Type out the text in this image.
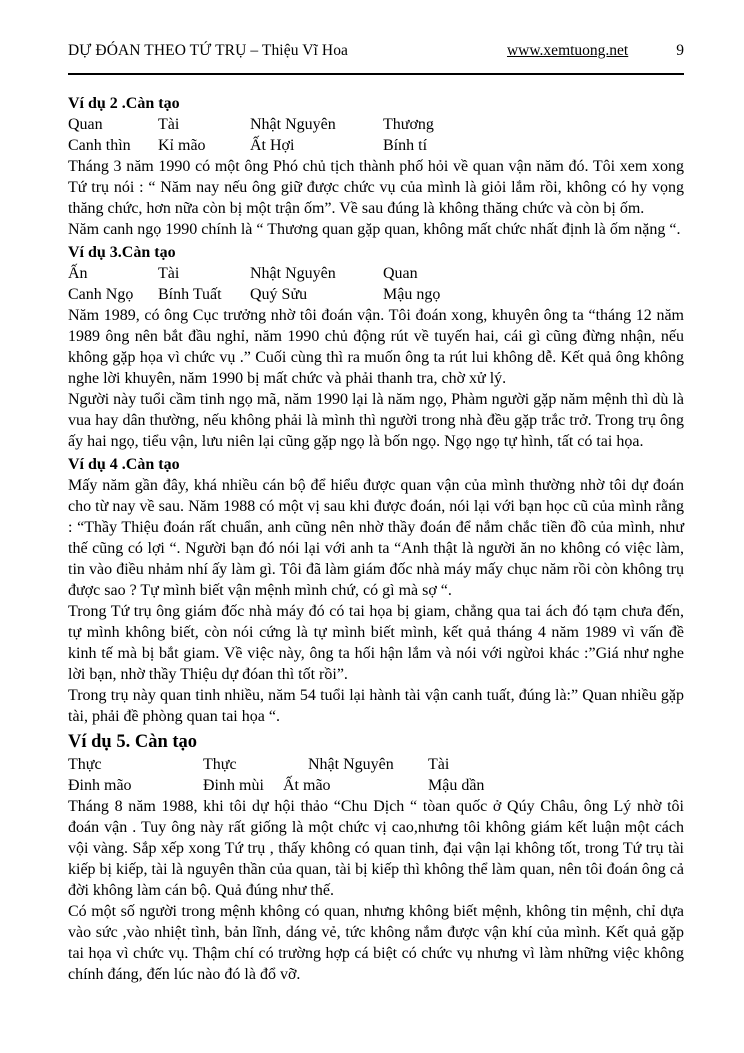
DỰ ĐÓAN THEO TỨ TRỤ – Thiệu Vĩ Hoa	www.xemtuong.net	9
Ví dụ 2 .Càn tạo
Quan	Tài	Nhật Nguyên	Thương
Canh thìn	Kỉ mão	Ất Hợi	Bính tí

Tháng 3 năm 1990 có một ông Phó chủ tịch thành phố hỏi về quan vận năm đó. Tôi xem xong Tứ trụ nói : “ Năm nay nếu ông giữ được chức vụ của mình là giỏi lắm rồi, không có hy vọng thăng chức, hơn nữa còn bị một trận ốm”. Về sau đúng là không thăng chức và còn bị ốm.

Năm canh ngọ 1990 chính là “ Thương quan gặp quan, không mất chức nhất định là ốm nặng “.

Ví dụ 3.Càn tạo
Ấn	Tài	Nhật Nguyên	Quan
Canh Ngọ	Bính Tuất	Quý Sửu	Mậu ngọ

Năm 1989, có ông Cục trưởng nhờ tôi đoán vận. Tôi đoán xong, khuyên ông ta “tháng 12 năm 1989 ông nên bắt đầu nghỉ, năm 1990 chủ động rút về tuyến hai, cái gì cũng đừng nhận, nếu không gặp họa vì chức vụ .” Cuối cùng thì ra muốn ông ta rút lui không dễ. Kết quả ông không nghe lời khuyên, năm 1990 bị mất chức và phải thanh tra, chờ xử lý.

Người này tuổi cầm tinh ngọ mã, năm 1990 lại là năm ngọ, Phàm người gặp năm mệnh thì dù là vua hay dân thường, nếu không phải là mình thì người trong nhà đều gặp trắc trở. Trong trụ ông ấy hai ngọ, tiểu vận, lưu niên lại cũng gặp ngọ là bốn ngọ. Ngọ ngọ tự hình, tất có tai họa.

Ví dụ 4 .Càn tạo

Mấy năm gần đây, khá nhiều cán bộ để hiểu được quan vận của mình thường nhờ tôi dự đoán cho từ nay về sau. Năm 1988 có một vị sau khi được đoán, nói lại với bạn học cũ của mình rằng : “Thầy Thiệu đoán rất chuẩn, anh cũng nên nhờ thầy đoán để nắm chắc tiền đồ của mình, như thế cũng có lợi “. Người bạn đó nói lại với anh ta “Anh thật là người ăn no không có việc làm, tin vào điều nhảm nhí ấy làm gì. Tôi đã làm giám đốc nhà máy mấy chục năm rồi còn không trụ được sao ? Tự mình biết vận mệnh mình chứ, có gì mà sợ “.

Trong Tứ trụ ông giám đốc nhà máy đó có tai họa bị giam, chẳng qua tai ách đó tạm chưa đến, tự mình không biết, còn nói cứng là tự mình biết mình, kết quả tháng 4 năm 1989 vì vấn đề kinh tế mà bị bắt giam. Về việc này, ông ta hối hận lắm và nói với ngừoi khác :”Giá như nghe lời bạn, nhờ thầy Thiệu dự đóan thì tốt rồi”.

Trong trụ này quan tinh nhiều, năm 54 tuổi lại hành tài vận canh tuất, đúng là:” Quan nhiều gặp tài, phải đề phòng quan tai họa “.

Ví dụ 5. Càn tạo
Thực	Thực	Nhật Nguyên	Tài
Đinh mão	Đinh mùi	Ất mão	Mậu dần

Tháng 8 năm 1988, khi tôi dự hội thảo “Chu Dịch “ tòan quốc ở Qúy Châu, ông Lý nhờ tôi đoán vận . Tuy ông này rất giống là một chức vị cao,nhưng tôi không giám kết luận một cách vội vàng. Sắp xếp xong Tứ trụ , thấy không có quan tinh, đại vận lại không tốt, trong Tứ trụ tài kiếp bị kiếp, tài là nguyên thần của quan, tài bị kiếp thì không thể làm quan, nên tôi đoán ông cả đời không làm cán bộ. Quả đúng như thế.

Có một số người trong mệnh không có quan, nhưng không biết mệnh, không tin mệnh, chỉ dựa vào sức ,vào nhiệt tình, bản lĩnh, dáng vẻ, tức không nắm được vận khí của mình. Kết quả gặp tai họa vì chức vụ. Thậm chí có trường hợp cá biệt có chức vụ nhưng vì làm những việc không chính đáng, đến lúc nào đó là đổ vỡ.
